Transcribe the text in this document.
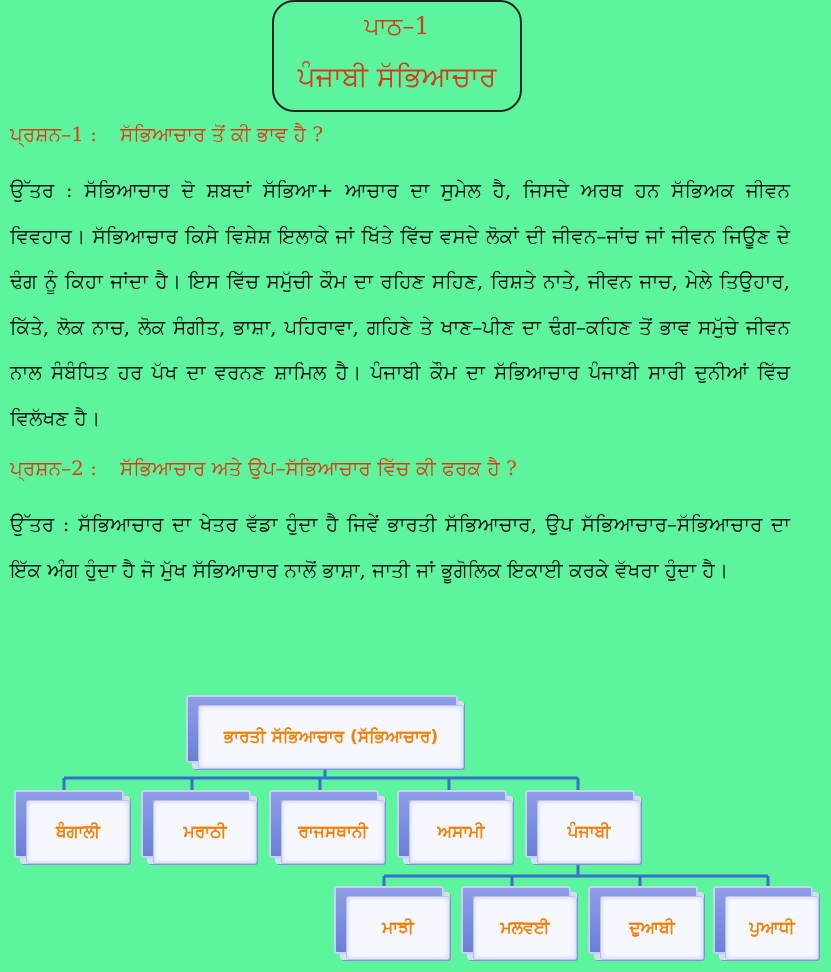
ਪਾਠ–1
ਪੰਜਾਬੀ ਸੱਭਿਆਚਾਰ
ਪ੍ਰਸ਼ਨ–1 : ਸੱਭਿਆਚਾਰ ਤੋਂ ਕੀ ਭਾਵ ਹੈ ?
ਉੱਤਰ : ਸੱਭਿਆਚਾਰ ਦੋ ਸ਼ਬਦਾਂ ਸੱਭਿਆ+ ਆਚਾਰ ਦਾ ਸੁਮੇਲ ਹੈ, ਜਿਸਦੇ ਅਰਥ ਹਨ ਸੱਭਿਅਕ ਜੀਵਨ ਵਿਵਹਾਰ। ਸੱਭਿਆਚਾਰ ਕਿਸੇ ਵਿਸ਼ੇਸ਼ ਇਲਾਕੇ ਜਾਂ ਖਿੱਤੇ ਵਿੱਚ ਵਸਦੇ ਲੋਕਾਂ ਦੀ ਜੀਵਨ–ਜਾਂਚ ਜਾਂ ਜੀਵਨ ਜਿਊਣ ਦੇ ਢੰਗ ਨੂੰ ਕਿਹਾ ਜਾਂਦਾ ਹੈ। ਇਸ ਵਿੱਚ ਸਮੁੱਚੀ ਕੌਮ ਦਾ ਰਹਿਣ ਸਹਿਣ, ਰਿਸ਼ਤੇ ਨਾਤੇ, ਜੀਵਨ ਜਾਚ, ਮੇਲੇ ਤਿਉਹਾਰ, ਕਿੱਤੇ, ਲੋਕ ਨਾਚ, ਲੋਕ ਸੰਗੀਤ, ਭਾਸ਼ਾ, ਪਹਿਰਾਵਾ, ਗਹਿਣੇ ਤੇ ਖਾਣ–ਪੀਣ ਦਾ ਢੰਗ–ਕਹਿਣ ਤੋਂ ਭਾਵ ਸਮੁੱਚੇ ਜੀਵਨ ਨਾਲ ਸੰਬੰਧਿਤ ਹਰ ਪੱਖ ਦਾ ਵਰਨਣ ਸ਼ਾਮਿਲ ਹੈ। ਪੰਜਾਬੀ ਕੌਮ ਦਾ ਸੱਭਿਆਚਾਰ ਪੰਜਾਬੀ ਸਾਰੀ ਦੁਨੀਆਂ ਵਿੱਚ ਵਿਲੱਖਣ ਹੈ।
ਪ੍ਰਸ਼ਨ–2 : ਸੱਭਿਆਚਾਰ ਅਤੇ ਉਪ–ਸੱਭਿਆਚਾਰ ਵਿੱਚ ਕੀ ਫਰਕ ਹੈ ?
ਉੱਤਰ : ਸੱਭਿਆਚਾਰ ਦਾ ਖੇਤਰ ਵੱਡਾ ਹੁੰਦਾ ਹੈ ਜਿਵੇਂ ਭਾਰਤੀ ਸੱਭਿਆਚਾਰ, ਉਪ ਸੱਭਿਆਚਾਰ–ਸੱਭਿਆਚਾਰ ਦਾ ਇੱਕ ਅੰਗ ਹੁੰਦਾ ਹੈ ਜੋ ਮੁੱਖ ਸੱਭਿਆਚਾਰ ਨਾਲੋਂ ਭਾਸ਼ਾ, ਜਾਤੀ ਜਾਂ ਭੂਗੋਲਿਕ ਇਕਾਈ ਕਰਕੇ ਵੱਖਰਾ ਹੁੰਦਾ ਹੈ।
ਭਾਰਤੀ ਸੱਭਿਆਚਾਰ (ਸੱਭਿਆਚਾਰ)
ਬੰਗਾਲੀ	ਮਰਾਠੀ	ਰਾਜਸਥਾਨੀ	ਅਸਾਮੀ	ਪੰਜਾਬੀ
ਮਾਝੀ	ਮਲਵਈ	ਦੁਆਬੀ	ਪੁਆਧੀ
